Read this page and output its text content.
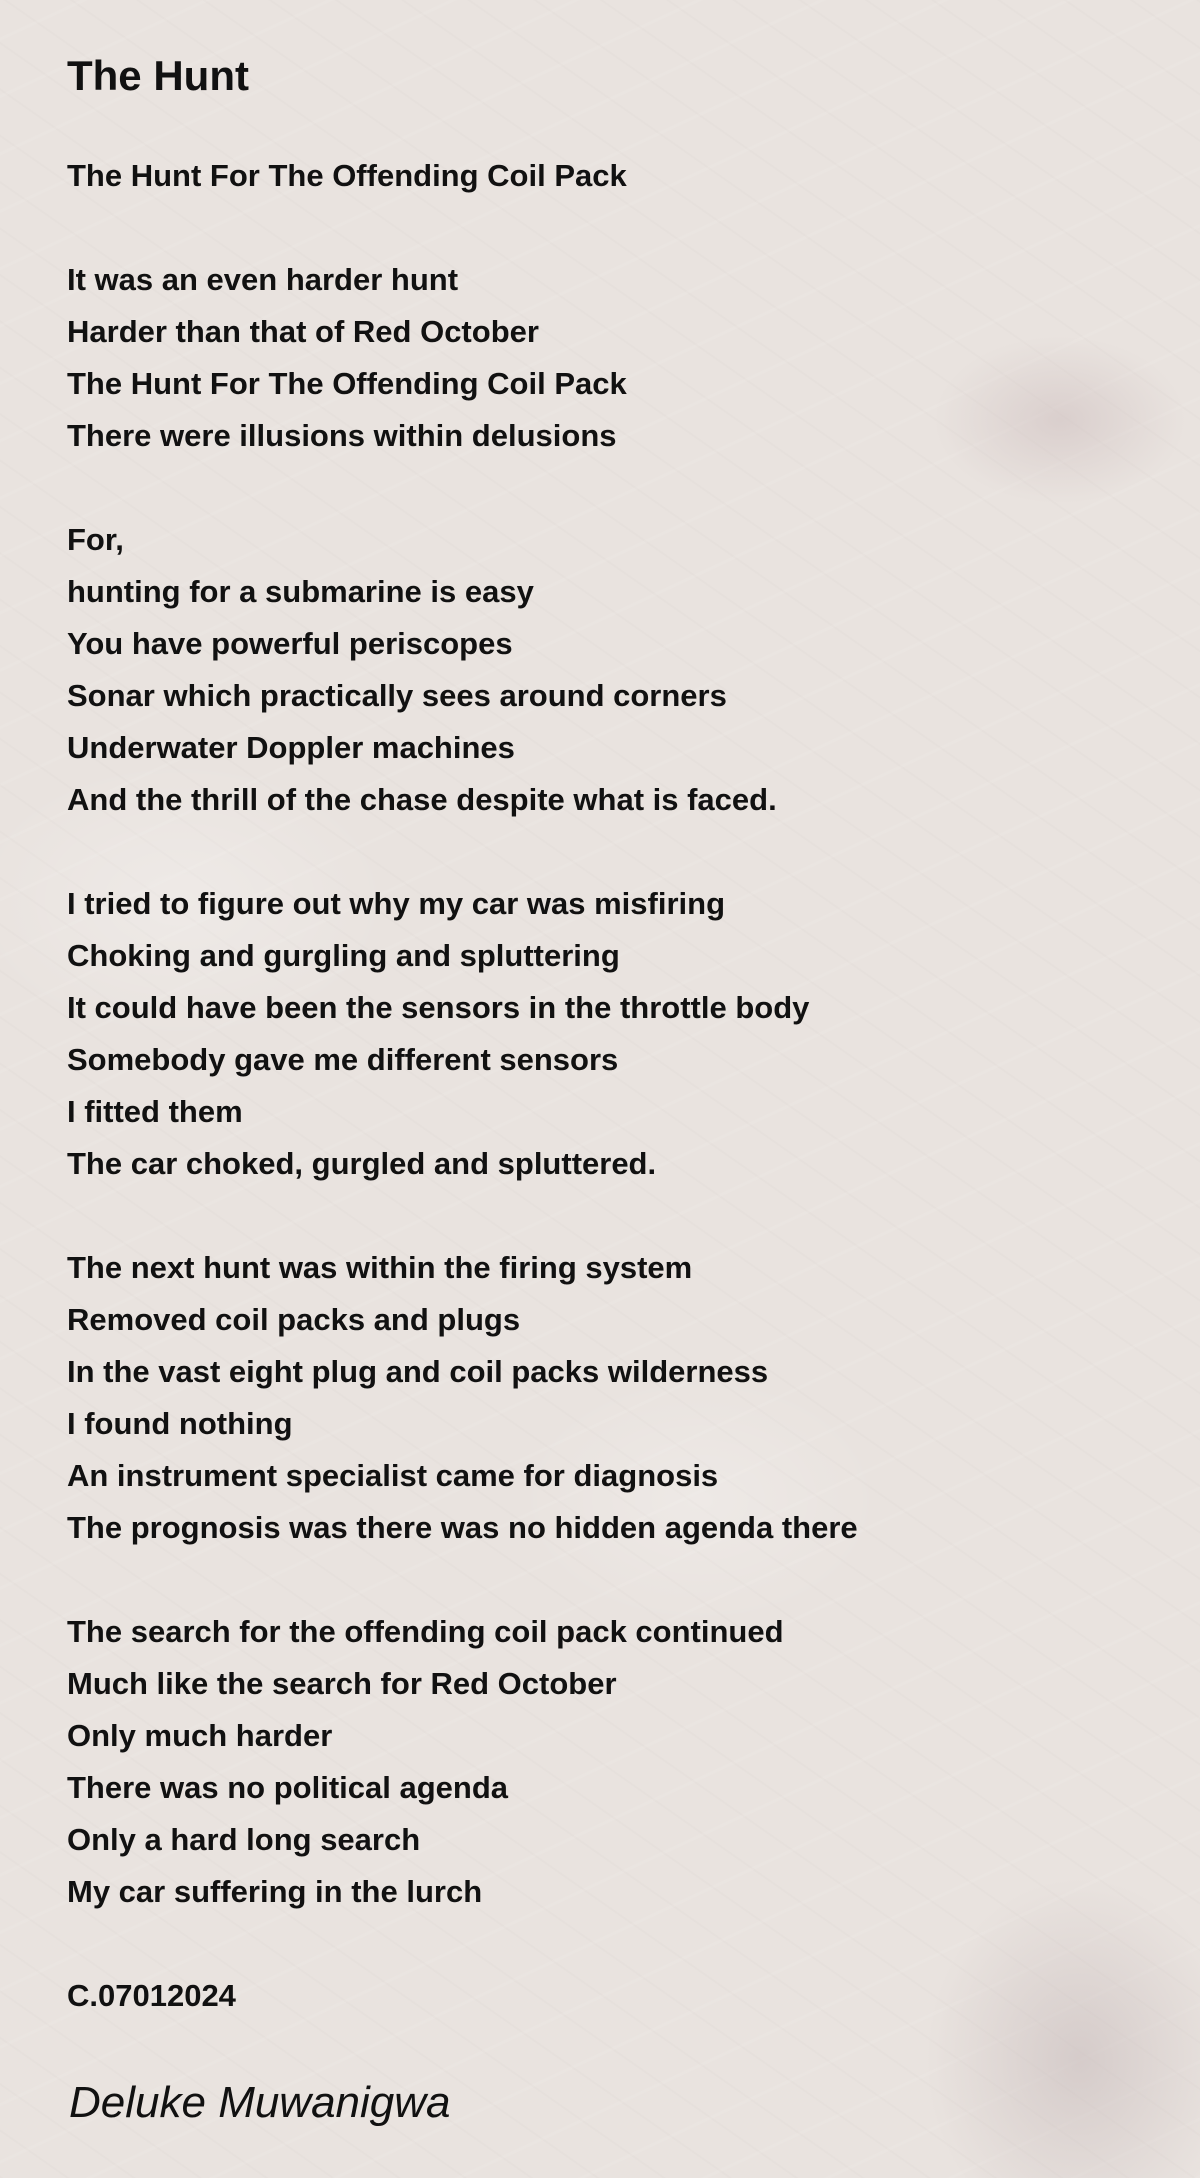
The Hunt
The Hunt For The Offending Coil Pack
It was an even harder hunt
Harder than that of Red October
The Hunt For The Offending Coil Pack
There were illusions within delusions
For,
hunting for a submarine is easy
You have powerful periscopes
Sonar which practically sees around corners
Underwater Doppler machines
And the thrill of the chase despite what is faced.
I tried to figure out why my car was misfiring
Choking and gurgling and spluttering
It could have been the sensors in the throttle body
Somebody gave me different sensors
I fitted them
The car choked, gurgled and spluttered.
The next hunt was within the firing system
Removed coil packs and plugs
In the vast eight plug and coil packs wilderness
I found nothing
An instrument specialist came for diagnosis
The prognosis was there was no hidden agenda there
The search for the offending coil pack continued
Much like the search for Red October
Only much harder
There was no political agenda
Only a hard long search
My car suffering in the lurch
C.07012024
Deluke Muwanigwa
